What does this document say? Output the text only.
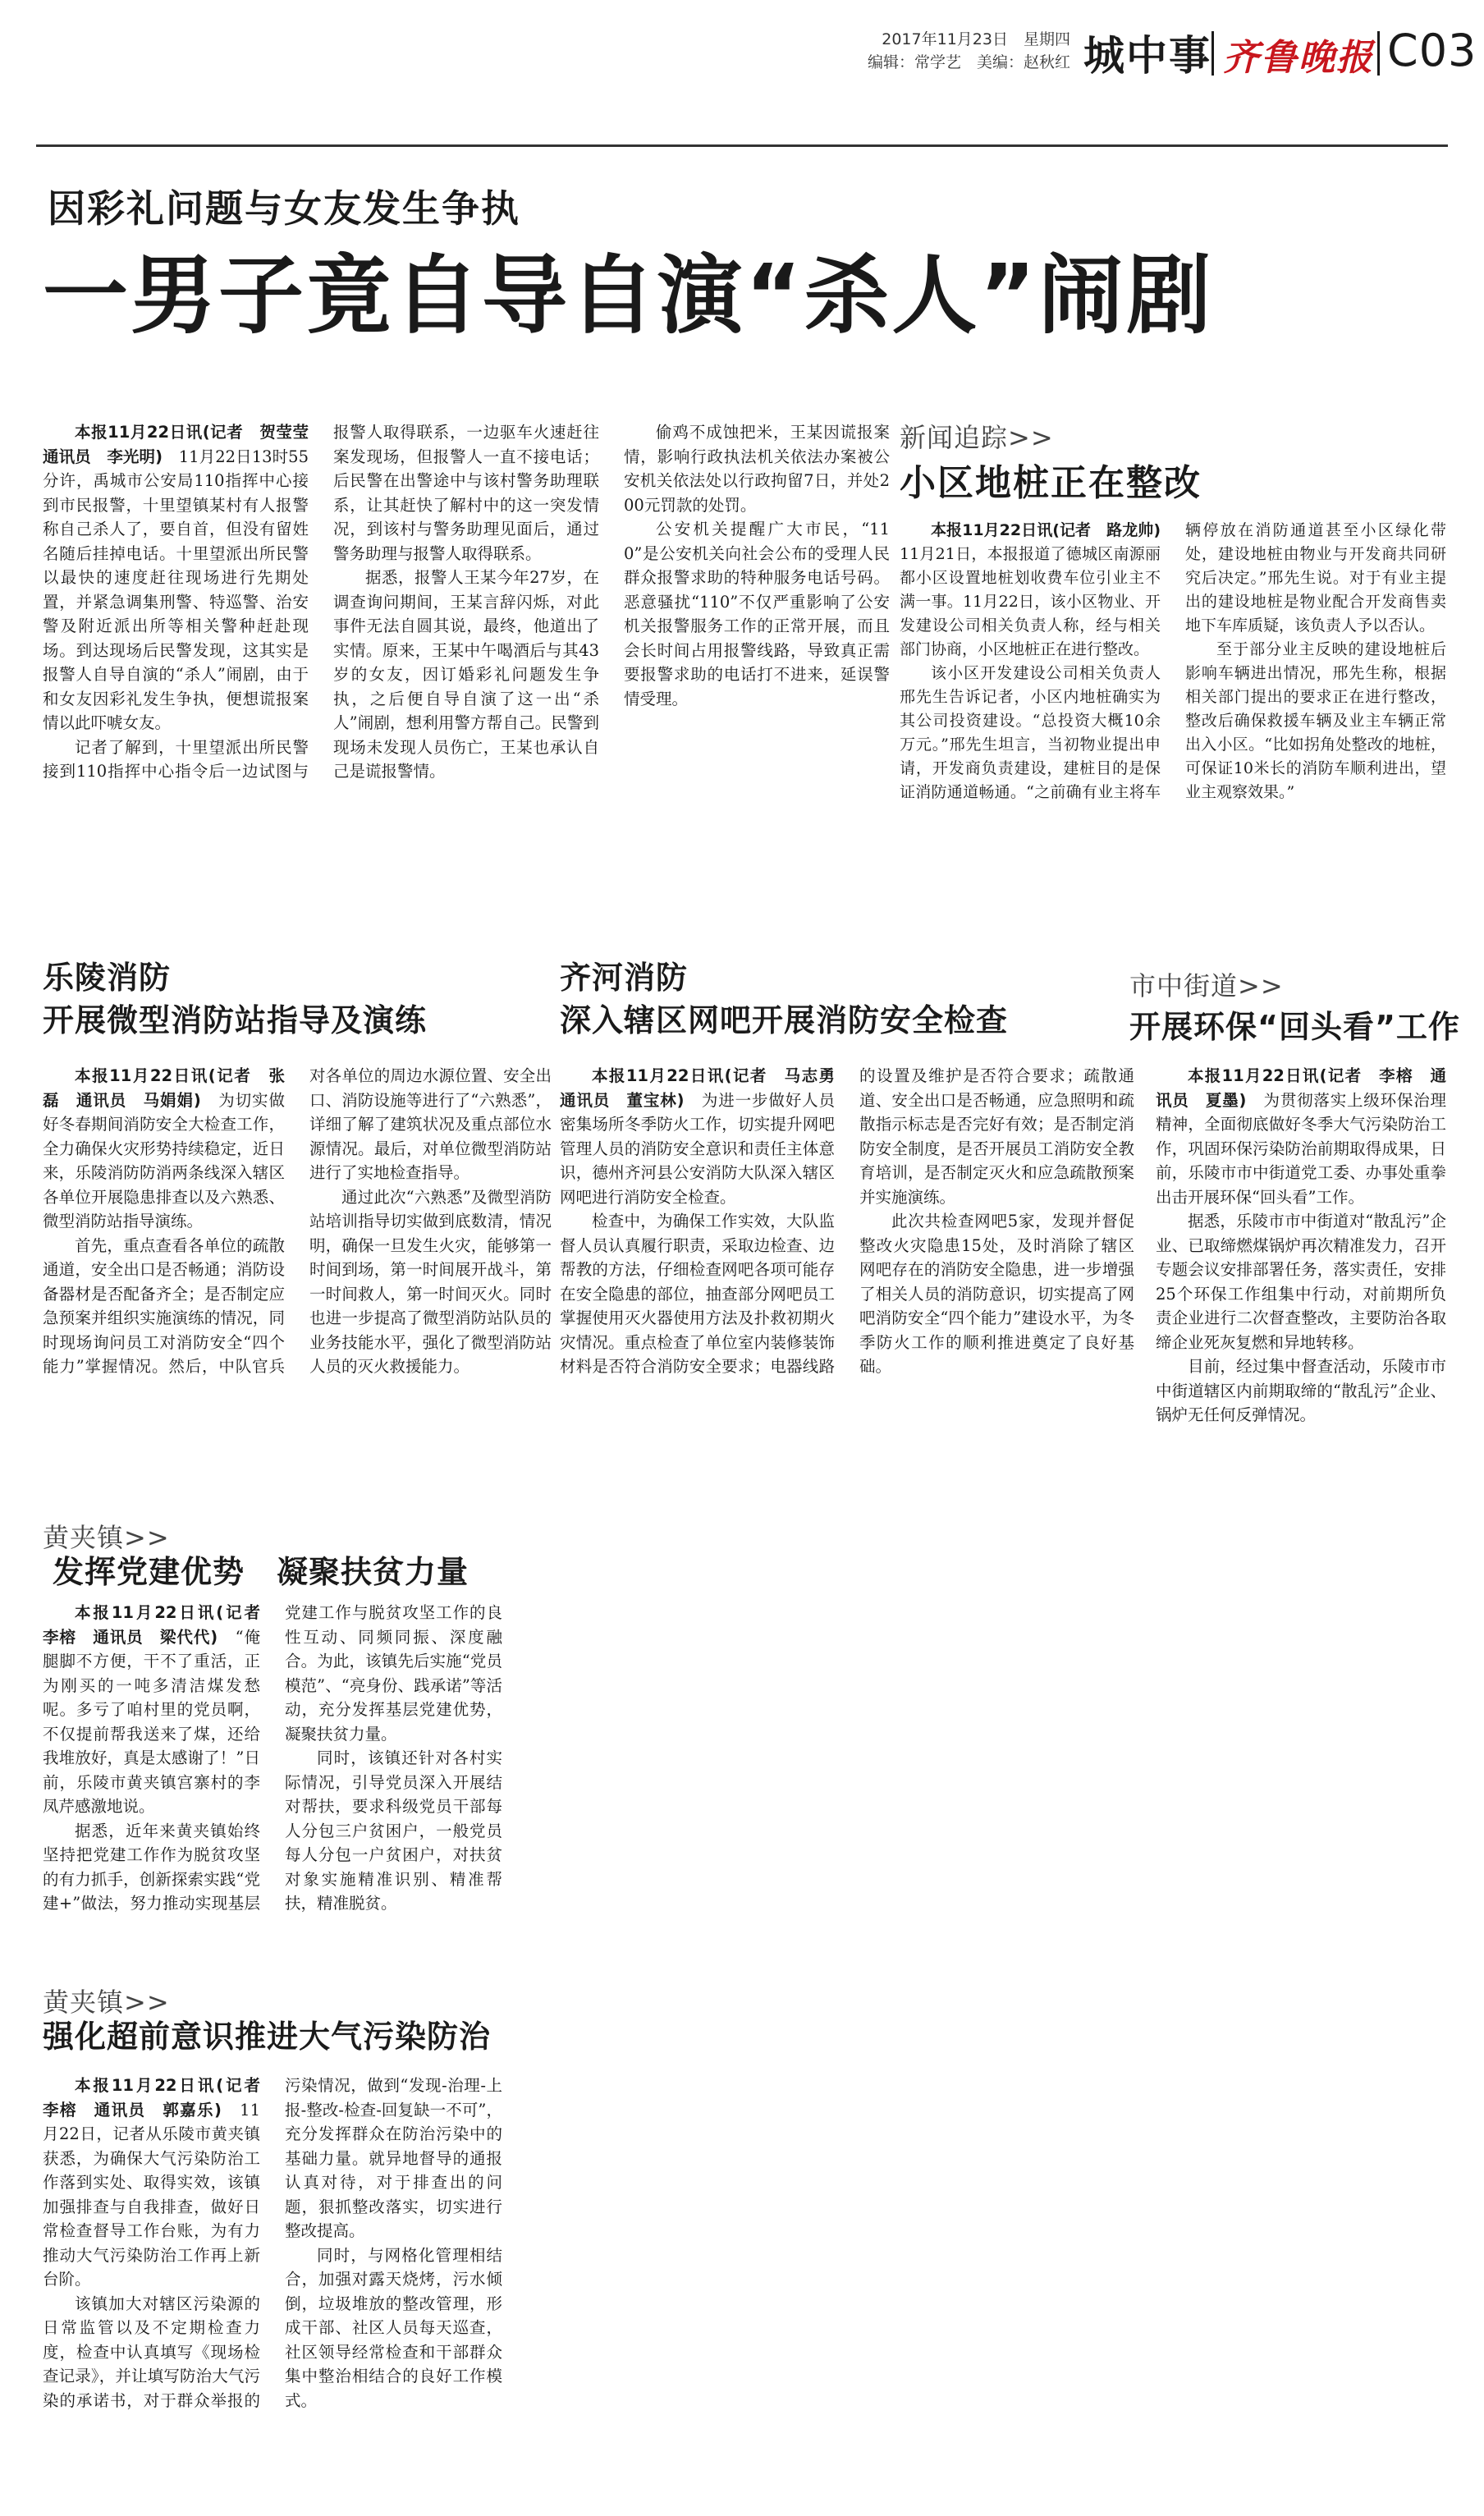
2017年11月23日　 星期四
编辑：常学艺　美编：赵秋红 城中事 齐鲁晚报 C03
因彩礼问题与女友发生争执
一男子竟自导自演“杀人”闹剧

本报11月22日讯(记者　贺莹莹　通讯员　李光明)　 11月22日13时55分许，禹城市公安局110指挥中心接到市民报警，十里望镇某村有人报警称自己杀人了，要自首，但没有留姓名随后挂掉电话。十里望派出所民警以最快的速度赶往现场进行先期处置，并紧急调集刑警、特巡警、治安警及附近派出所等相关警种赶赴现场。到达现场后民警发现，这其实是报警人自导自演的“杀人”闹剧，由于和女友因彩礼发生争执，便想谎报案情以此吓唬女友。

记者了解到，十里望派出所民警接到110指挥中心指令后一边试图与报警人取得联系，一边驱车火速赶往案发现场，但报警人一直不接电话；后民警在出警途中与该村警务助理联系，让其赶快了解村中的这一突发情况，到该村与警务助理见面后，通过警务助理与报警人取得联系。

据悉，报警人王某今年27岁，在调查询问期间，王某言辞闪烁，对此事件无法自圆其说，最终，他道出了实情。原来，王某中午喝酒后与其43岁的女友，因订婚彩礼问题发生争执，之后便自导自演了这一出“杀人”闹剧，想利用警方帮自己。民警到现场未发现人员伤亡，王某也承认自己是谎报警情。

偷鸡不成蚀把米，王某因谎报案情，影响行政执法机关依法办案被公安机关依法处以行政拘留7日，并处200元罚款的处罚。

公安机关提醒广大市民，“110”是公安机关向社会公布的受理人民群众报警求助的特种服务电话号码。恶意骚扰“110”不仅严重影响了公安机关报警服务工作的正常开展，而且会长时间占用报警线路，导致真正需要报警求助的电话打不进来，延误警情受理。

新闻追踪>>
小区地桩正在整改

本报11月22日讯(记者　路龙帅)　11月21日，本报报道了德城区南源丽都小区设置地桩划收费车位引业主不满一事。11月22日，该小区物业、开发建设公司相关负责人称，经与相关部门协商，小区地桩正在进行整改。

该小区开发建设公司相关负责人邢先生告诉记者，小区内地桩确实为其公司投资建设。“总投资大概10余万元。”邢先生坦言，当初物业提出申请，开发商负责建设，建桩目的是保证消防通道畅通。“之前确有业主将车辆停放在消防通道甚至小区绿化带处，建设地桩由物业与开发商共同研究后决定。”邢先生说。对于有业主提出的建设地桩是物业配合开发商售卖地下车库质疑，该负责人予以否认。

至于部分业主反映的建设地桩后影响车辆进出情况，邢先生称，根据相关部门提出的要求正在进行整改，整改后确保救援车辆及业主车辆正常出入小区。“比如拐角处整改的地桩，可保证10米长的消防车顺利进出，望业主观察效果。”

乐陵消防
开展微型消防站指导及演练

本报11月22日讯(记者　张磊　通讯员　马娟娟)　 为切实做好冬春期间消防安全大检查工作，全力确保火灾形势持续稳定，近日来，乐陵消防防消两条线深入辖区各单位开展隐患排查以及六熟悉、微型消防站指导演练。

首先，重点查看各单位的疏散通道，安全出口是否畅通；消防设备器材是否配备齐全；是否制定应急预案并组织实施演练的情况，同时现场询问员工对消防安全“四个能力”掌握情况。然后，中队官兵对各单位的周边水源位置、安全出口、消防设施等进行了“六熟悉”，详细了解了建筑状况及重点部位水源情况。最后，对单位微型消防站进行了实地检查指导。

通过此次“六熟悉”及微型消防站培训指导切实做到底数清，情况明，确保一旦发生火灾，能够第一时间到场，第一时间展开战斗，第一时间救人，第一时间灭火。同时也进一步提高了微型消防站队员的业务技能水平，强化了微型消防站人员的灭火救援能力。

齐河消防
深入辖区网吧开展消防安全检查

本报11月22日讯(记者　马志勇　通讯员　董宝林)　 为进一步做好人员密集场所冬季防火工作，切实提升网吧管理人员的消防安全意识和责任主体意识，德州齐河县公安消防大队深入辖区网吧进行消防安全检查。

检查中，为确保工作实效，大队监督人员认真履行职责，采取边检查、边帮教的方法，仔细检查网吧各项可能存在安全隐患的部位，抽查部分网吧员工掌握使用灭火器使用方法及扑救初期火灾情况。重点检查了单位室内装修装饰材料是否符合消防安全要求；电器线路的设置及维护是否符合要求；疏散通道、安全出口是否畅通，应急照明和疏散指示标志是否完好有效；是否制定消防安全制度，是否开展员工消防安全教育培训，是否制定灭火和应急疏散预案并实施演练。

此次共检查网吧5家，发现并督促整改火灾隐患15处，及时消除了辖区网吧存在的消防安全隐患，进一步增强了相关人员的消防意识，切实提高了网吧消防安全“四个能力”建设水平，为冬季防火工作的顺利推进奠定了良好基础。

市中街道>>
开展环保“回头看”工作

本报11月22日讯(记者　李榕　通讯员　夏墨)　 为贯彻落实上级环保治理精神，全面彻底做好冬季大气污染防治工作，巩固环保污染防治前期取得成果，日前，乐陵市市中街道党工委、办事处重拳出击开展环保“回头看”工作。

据悉，乐陵市市中街道对“散乱污”企业、已取缔燃煤锅炉再次精准发力，召开专题会议安排部署任务，落实责任，安排25个环保工作组集中行动，对前期所负责企业进行二次督查整改，主要防治各取缔企业死灰复燃和异地转移。

目前，经过集中督查活动，乐陵市市中街道辖区内前期取缔的“散乱污”企业、锅炉无任何反弹情况。

黄夹镇>>
发挥党建优势　凝聚扶贫力量

本报11月22日讯(记者　李榕　通讯员　梁代代)　 “俺腿脚不方便，干不了重活，正为刚买的一吨多清洁煤发愁呢。多亏了咱村里的党员啊，不仅提前帮我送来了煤，还给我堆放好，真是太感谢了！”日前，乐陵市黄夹镇宫寨村的李凤芹感激地说。

据悉，近年来黄夹镇始终坚持把党建工作作为脱贫攻坚的有力抓手，创新探索实践“党建+”做法，努力推动实现基层党建工作与脱贫攻坚工作的良性互动、同频同振、深度融合。为此，该镇先后实施“党员模范”、“亮身份、践承诺”等活动，充分发挥基层党建优势，凝聚扶贫力量。

同时，该镇还针对各村实际情况，引导党员深入开展结对帮扶，要求科级党员干部每人分包三户贫困户，一般党员每人分包一户贫困户，对扶贫对象实施精准识别、精准帮扶，精准脱贫。

黄夹镇>>
强化超前意识推进大气污染防治

本报11月22日讯(记者　李榕　通讯员　郭嘉乐)　 11月22日，记者从乐陵市黄夹镇获悉，为确保大气污染防治工作落到实处、取得实效，该镇加强排查与自我排查，做好日常检查督导工作台账，为有力推动大气污染防治工作再上新台阶。

该镇加大对辖区污染源的日常监管以及不定期检查力度，检查中认真填写《现场检查记录》，并让填写防治大气污染的承诺书，对于群众举报的污染情况，做到“发现-治理-上报-整改-检查-回复缺一不可”，充分发挥群众在防治污染中的基础力量。就异地督导的通报认真对待，对于排查出的问题，狠抓整改落实，切实进行整改提高。

同时，与网格化管理相结合，加强对露天烧烤，污水倾倒，垃圾堆放的整改管理，形成干部、社区人员每天巡查，社区领导经常检查和干部群众集中整治相结合的良好工作模式。
